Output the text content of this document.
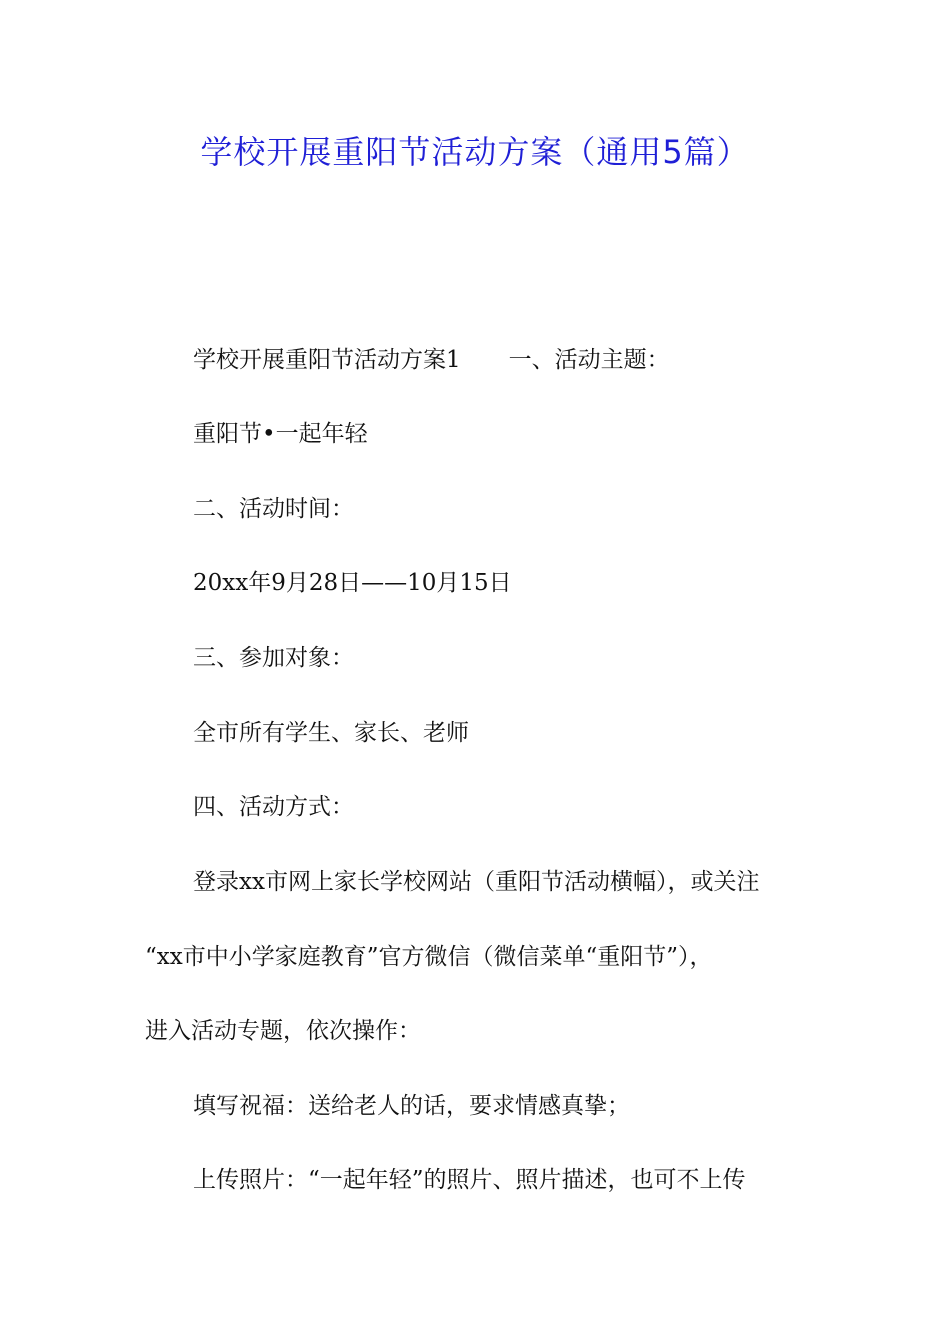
学校开展重阳节活动方案（通用5篇）

学校开展重阳节活动方案1 一、活动主题：

重阳节•一起年轻

二、活动时间：

20xx年9月28日——10月15日

三、参加对象：

全市所有学生、家长、老师

四、活动方式：

登录xx市网上家长学校网站（重阳节活动横幅），或关注

“xx市中小学家庭教育”官方微信（微信菜单“重阳节”），

进入活动专题，依次操作：

填写祝福：送给老人的话，要求情感真挚；

上传照片：“一起年轻”的照片、照片描述，也可不上传
